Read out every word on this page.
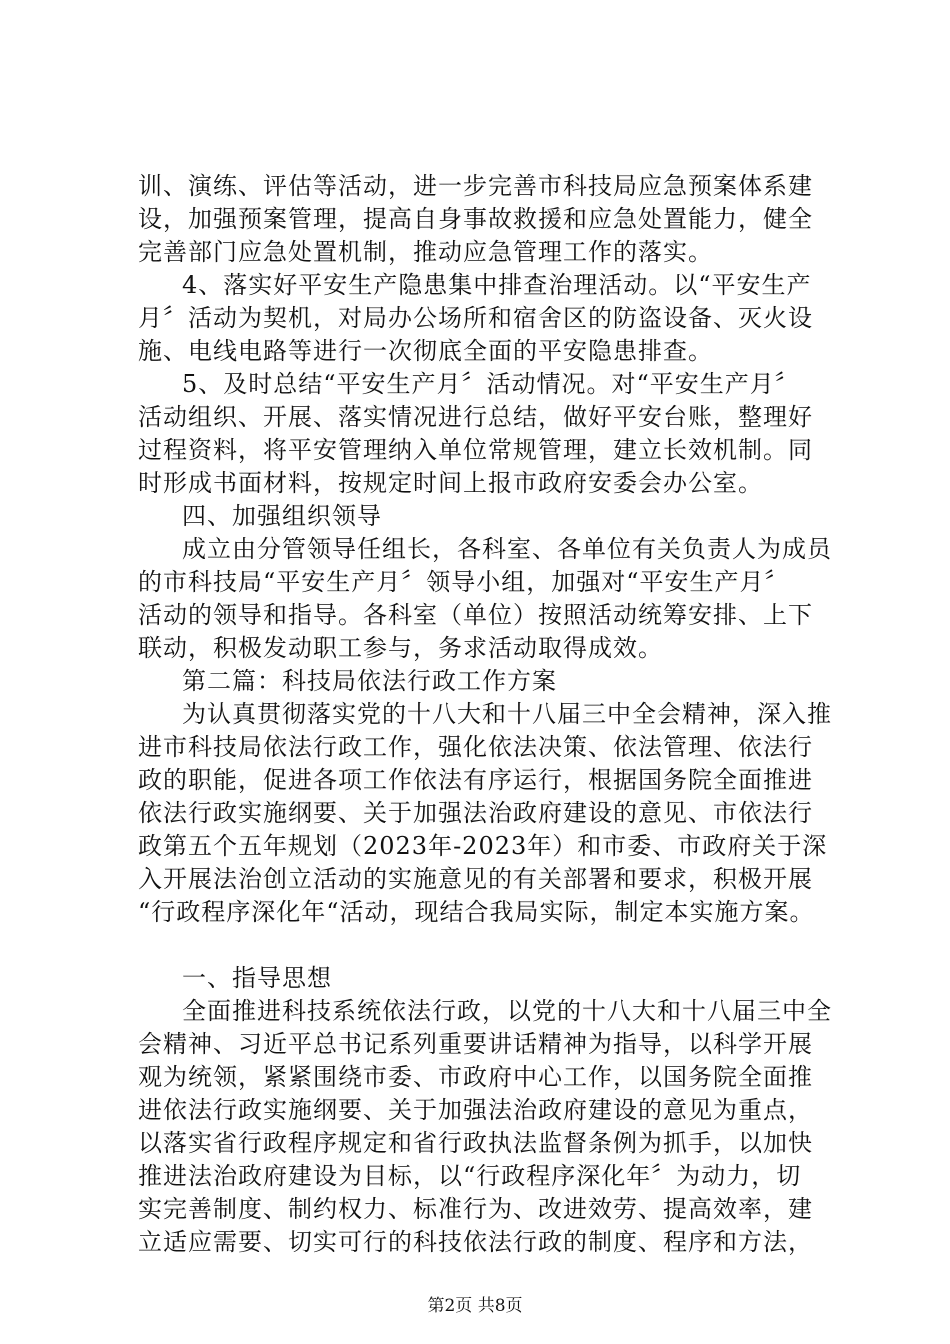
训、演练、评估等活动，进一步完善市科技局应急预案体系建
设，加强预案管理，提高自身事故救援和应急处置能力，健全
完善部门应急处置机制，推动应急管理工作的落实。
4、落实好平安生产隐患集中排查治理活动。以“平安生产
月〞活动为契机，对局办公场所和宿舍区的防盗设备、灭火设
施、电线电路等进行一次彻底全面的平安隐患排查。
5、及时总结“平安生产月〞活动情况。对“平安生产月〞
活动组织、开展、落实情况进行总结，做好平安台账，整理好
过程资料，将平安管理纳入单位常规管理，建立长效机制。同
时形成书面材料，按规定时间上报市政府安委会办公室。
四、加强组织领导
成立由分管领导任组长，各科室、各单位有关负责人为成员
的市科技局“平安生产月〞领导小组，加强对“平安生产月〞
活动的领导和指导。各科室（单位）按照活动统筹安排、上下
联动，积极发动职工参与，务求活动取得成效。
第二篇：科技局依法行政工作方案
为认真贯彻落实党的十八大和十八届三中全会精神，深入推
进市科技局依法行政工作，强化依法决策、依法管理、依法行
政的职能，促进各项工作依法有序运行，根据国务院全面推进
依法行政实施纲要、关于加强法治政府建设的意见、市依法行
政第五个五年规划（2023年-2023年）和市委、市政府关于深
入开展法治创立活动的实施意见的有关部署和要求，积极开展
“行政程序深化年“活动，现结合我局实际，制定本实施方案。
一、指导思想
全面推进科技系统依法行政，以党的十八大和十八届三中全
会精神、习近平总书记系列重要讲话精神为指导，以科学开展
观为统领，紧紧围绕市委、市政府中心工作，以国务院全面推
进依法行政实施纲要、关于加强法治政府建设的意见为重点，
以落实省行政程序规定和省行政执法监督条例为抓手，以加快
推进法治政府建设为目标，以“行政程序深化年〞为动力，切
实完善制度、制约权力、标准行为、改进效劳、提高效率，建
立适应需要、切实可行的科技依法行政的制度、程序和方法，
第2页 共8页
